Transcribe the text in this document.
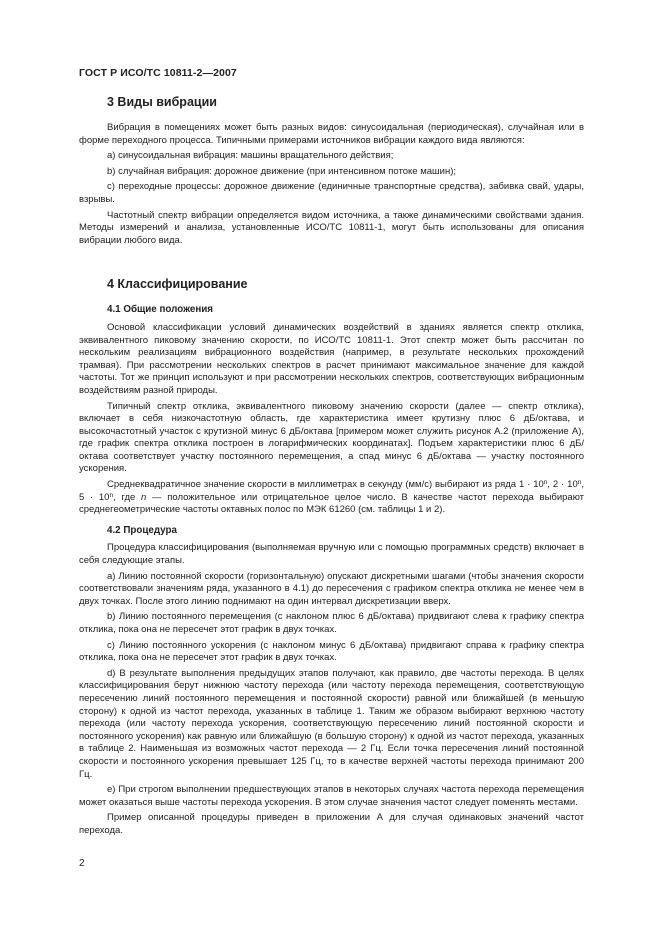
ГОСТ Р ИСО/ТС 10811-2—2007
3 Виды вибрации

Вибрация в помещениях может быть разных видов: синусоидальная (периодическая), случайная или в форме переходного процесса. Типичными примерами источников вибрации каждого вида являются:

а) синусоидальная вибрация: машины вращательного действия;

b) случайная вибрация: дорожное движение (при интенсивном потоке машин);

с) переходные процессы: дорожное движение (единичные транспортные средства), забивка свай, удары, взрывы.

Частотный спектр вибрации определяется видом источника, а также динамическими свойствами здания. Методы измерений и анализа, установленные ИСО/ТС 10811-1, могут быть использованы для описания вибрации любого вида.

4 Классифицирование
4.1 Общие положения

Основой классификации условий динамических воздействий в зданиях является спектр отклика, эквивалентного пиковому значению скорости, по ИСО/ТС 10811-1. Этот спектр может быть рассчитан по нескольким реализациям вибрационного воздействия (например, в результате нескольких прохождений трамвая). При рассмотрении нескольких спектров в расчет принимают максимальное значение для каждой частоты. Тот же принцип используют и при рассмотрении нескольких спектров, соответствующих вибрационным воздействиям разной природы.

Типичный спектр отклика, эквивалентного пиковому значению скорости (далее — спектр отклика), включает в себя низкочастотную область, где характеристика имеет крутизну плюс 6 дБ/октава, и высокочастотный участок с крутизной минус 6 дБ/октава [примером может служить рисунок А.2 (приложение А), где график спектра отклика построен в логарифмических координатах]. Подъем характеристики плюс 6 дБ/октава соответствует участку постоянного перемещения, а спад минус 6 дБ/октава — участку постоянного ускорения.

Среднеквадратичное значение скорости в миллиметрах в секунду (мм/с) выбирают из ряда $1 \cdot 10^n$, $2 \cdot 10^n$, $5 \cdot 10^n$, где n — положительное или отрицательное целое число. В качестве частот перехода выбирают среднегеометрические частоты октавных полос по МЭК 61260 (см. таблицы 1 и 2).

4.2 Процедура

Процедура классифицирования (выполняемая вручную или с помощью программных средств) включает в себя следующие этапы.

а) Линию постоянной скорости (горизонтальную) опускают дискретными шагами (чтобы значения скорости соответствовали значениям ряда, указанного в 4.1) до пересечения с графиком спектра отклика не менее чем в двух точках. После этого линию поднимают на один интервал дискретизации вверх.

b) Линию постоянного перемещения (с наклоном плюс 6 дБ/октава) придвигают слева к графику спектра отклика, пока она не пересечет этот график в двух точках.

с) Линию постоянного ускорения (с наклоном минус 6 дБ/октава) придвигают справа к графику спектра отклика, пока она не пересечет этот график в двух точках.

d) В результате выполнения предыдущих этапов получают, как правило, две частоты перехода. В целях классифицирования берут нижнюю частоту перехода (или частоту перехода перемещения, соответствующую пересечению линий постоянного перемещения и постоянной скорости) равной или ближайшей (в меньшую сторону) к одной из частот перехода, указанных в таблице 1. Таким же образом выбирают верхнюю частоту перехода (или частоту перехода ускорения, соответствующую пересечению линий постоянной скорости и постоянного ускорения) как равную или ближайшую (в большую сторону) к одной из частот перехода, указанных в таблице 2. Наименьшая из возможных частот перехода — 2 Гц. Если точка пересечения линий постоянной скорости и постоянного ускорения превышает 125 Гц, то в качестве верхней частоты перехода принимают 200 Гц.

е) При строгом выполнении предшествующих этапов в некоторых случаях частота перехода перемещения может оказаться выше частоты перехода ускорения. В этом случае значения частот следует поменять местами.

Пример описанной процедуры приведен в приложении А для случая одинаковых значений частот перехода.

2
